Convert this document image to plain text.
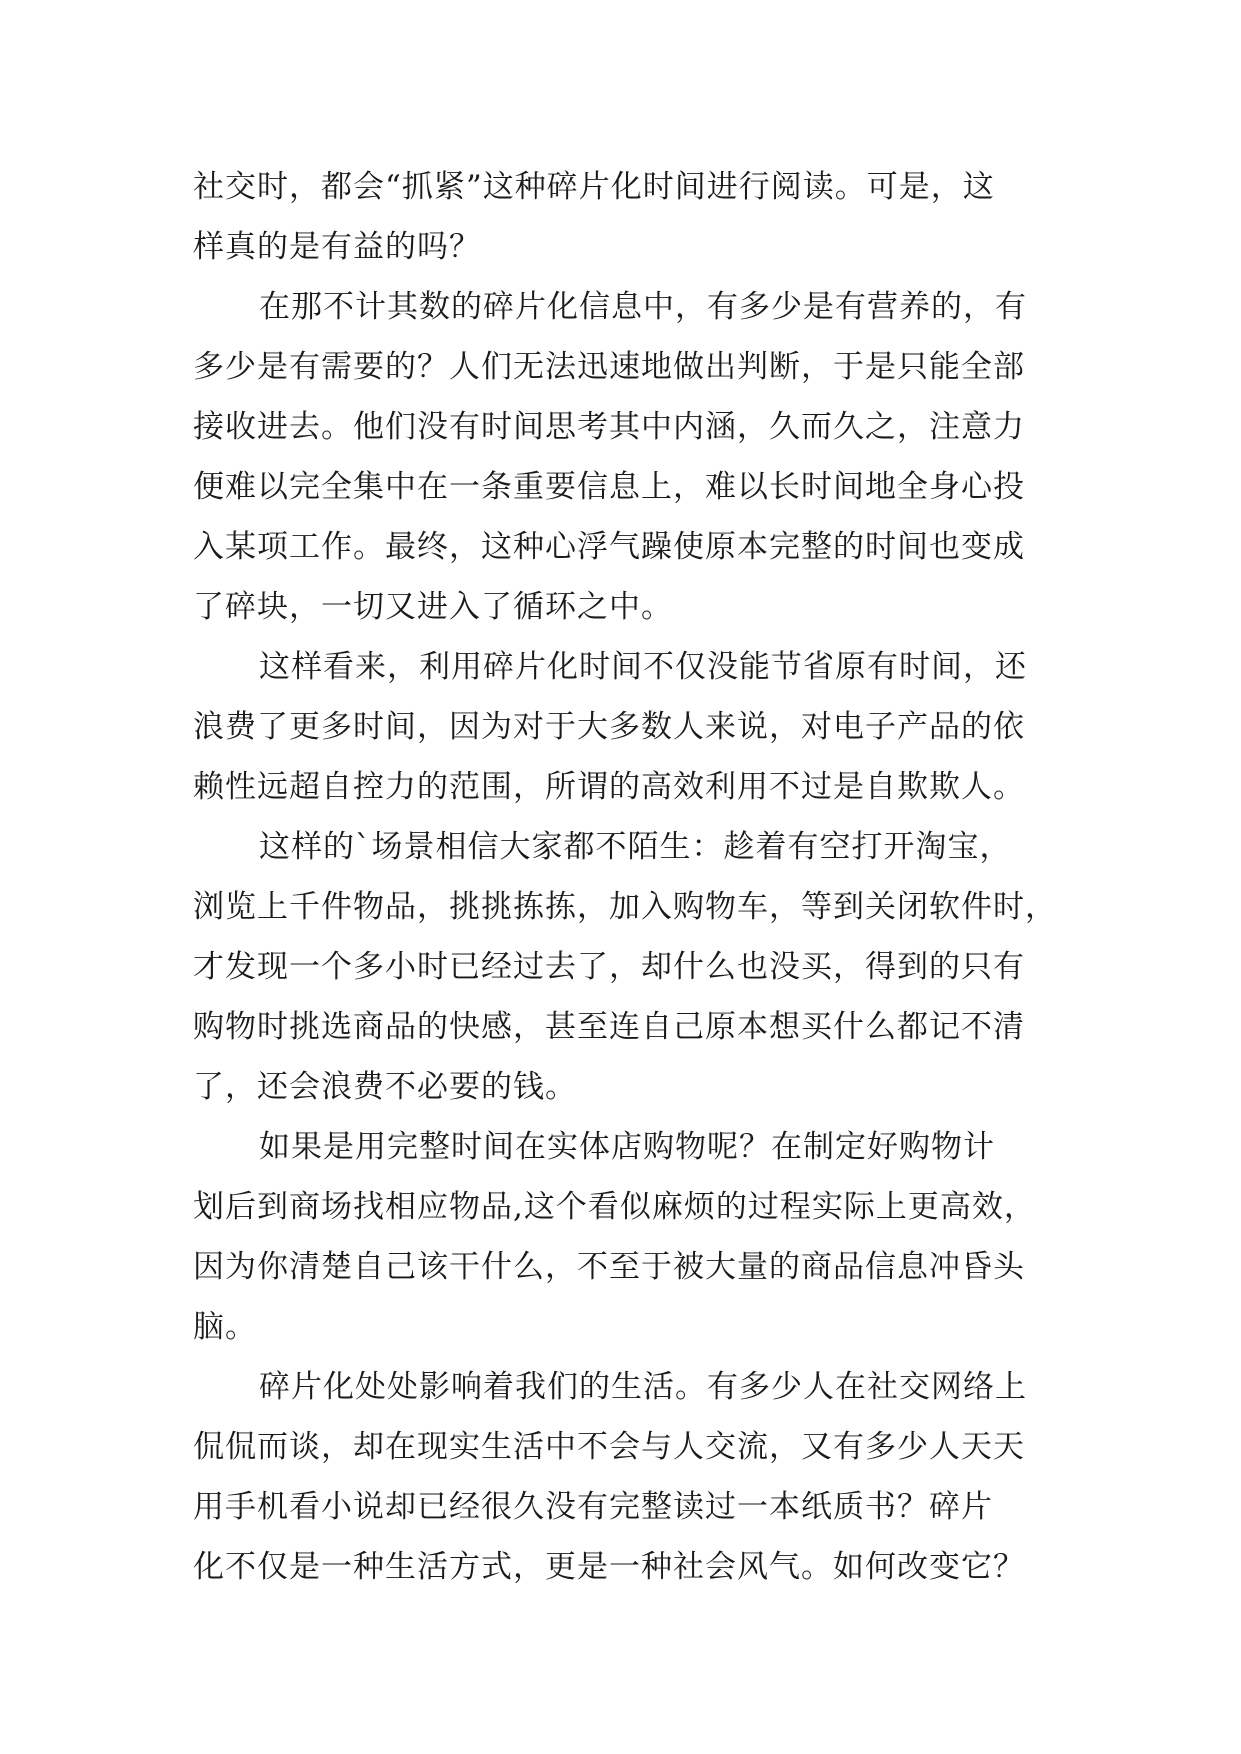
社交时，都会“抓紧”这种碎片化时间进行阅读。可是，这
样真的是有益的吗？
在那不计其数的碎片化信息中，有多少是有营养的，有
多少是有需要的？人们无法迅速地做出判断，于是只能全部
接收进去。他们没有时间思考其中内涵，久而久之，注意力
便难以完全集中在一条重要信息上，难以长时间地全身心投
入某项工作。最终，这种心浮气躁使原本完整的时间也变成
了碎块，一切又进入了循环之中。
这样看来，利用碎片化时间不仅没能节省原有时间，还
浪费了更多时间，因为对于大多数人来说，对电子产品的依
赖性远超自控力的范围，所谓的高效利用不过是自欺欺人。
这样的`场景相信大家都不陌生：趁着有空打开淘宝，
浏览上千件物品，挑挑拣拣，加入购物车，等到关闭软件时，
才发现一个多小时已经过去了，却什么也没买，得到的只有
购物时挑选商品的快感，甚至连自己原本想买什么都记不清
了，还会浪费不必要的钱。
如果是用完整时间在实体店购物呢？在制定好购物计
划后到商场找相应物品,这个看似麻烦的过程实际上更高效，
因为你清楚自己该干什么，不至于被大量的商品信息冲昏头
脑。
碎片化处处影响着我们的生活。有多少人在社交网络上
侃侃而谈，却在现实生活中不会与人交流，又有多少人天天
用手机看小说却已经很久没有完整读过一本纸质书？碎片
化不仅是一种生活方式，更是一种社会风气。如何改变它？
